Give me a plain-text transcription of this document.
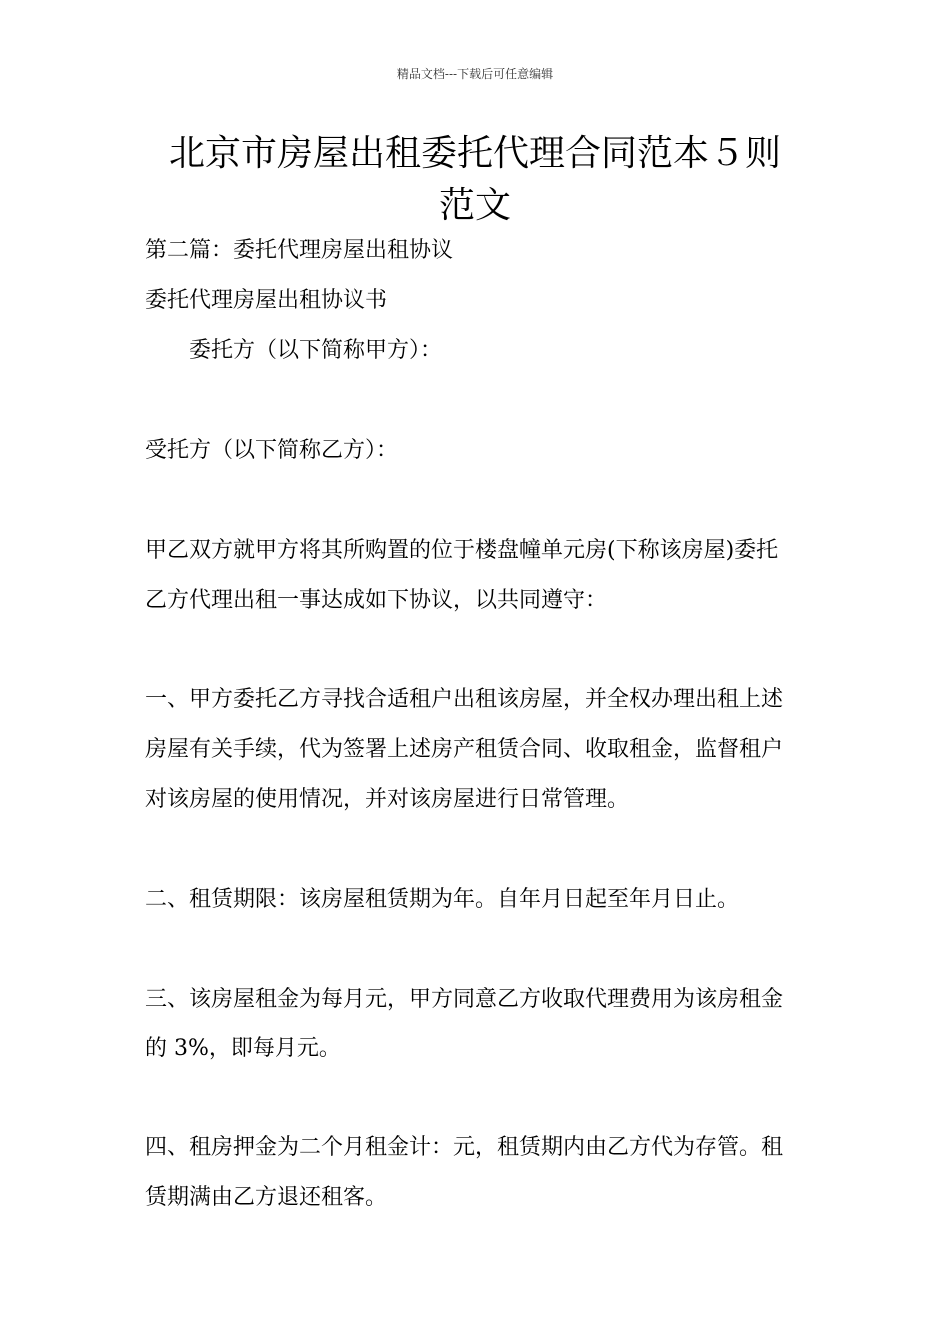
精品文档---下载后可任意编辑
北京市房屋出租委托代理合同范本５则
范文
第二篇：委托代理房屋出租协议
委托代理房屋出租协议书
委托方（以下简称甲方）：
受托方（以下简称乙方）：
甲乙双方就甲方将其所购置的位于楼盘幢单元房(下称该房屋)委托
乙方代理出租一事达成如下协议，以共同遵守：
一、甲方委托乙方寻找合适租户出租该房屋，并全权办理出租上述
房屋有关手续，代为签署上述房产租赁合同、收取租金，监督租户
对该房屋的使用情况，并对该房屋进行日常管理。
二、租赁期限：该房屋租赁期为年。自年月日起至年月日止。
三、该房屋租金为每月元，甲方同意乙方收取代理费用为该房租金
的 3%，即每月元。
四、租房押金为二个月租金计：元，租赁期内由乙方代为存管。租
赁期满由乙方退还租客。
